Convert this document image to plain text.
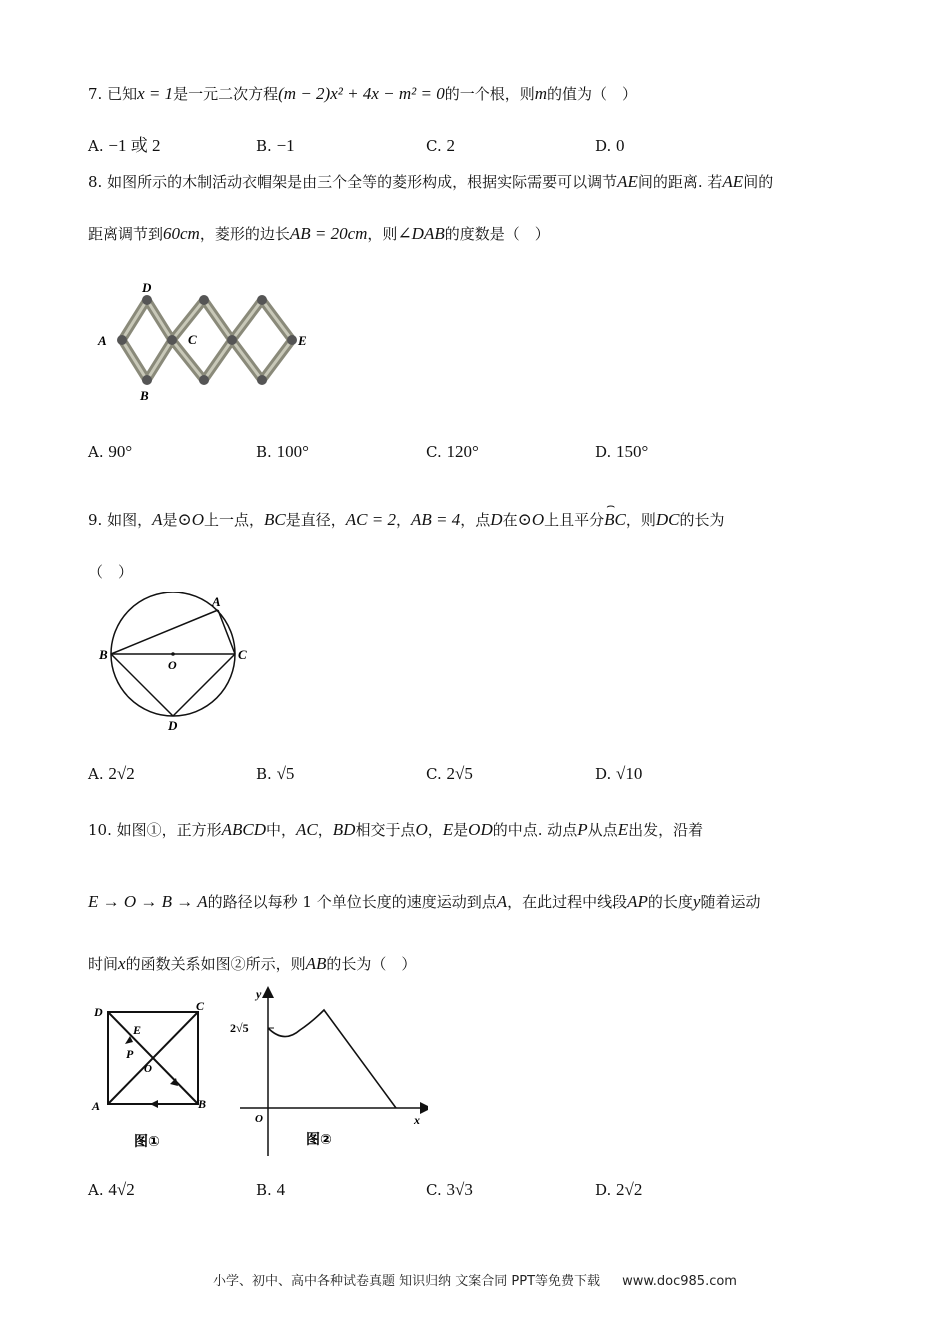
7. 已知x = 1是一元二次方程(m − 2)x² + 4x − m² = 0的一个根，则m的值为（　）
A. −1 或 2	B. −1	C. 2	D. 0
8. 如图所示的木制活动衣帽架是由三个全等的菱形构成，根据实际需要可以调节AE间的距离. 若AE间的
距离调节到60cm，菱形的边长AB = 20cm，则∠DAB的度数是（　）
D
A	C	E
B
A. 90°	B. 100°	C. 120°	D. 150°
9. 如图，A是⊙O上一点，BC是直径，AC = 2，AB = 4，点D在⊙O上且平分
⌢
BC，则DC的长为
（　）
A
B
O
C
D
A. 2√2	B. √5	C. 2√5	D. √10
10. 如图①，正方形ABCD中，AC，BD相交于点O，E是OD的中点. 动点P从点E出发，沿着
E → O → B → A的路径以每秒 1 个单位长度的速度运动到点A，在此过程中线段AP的长度y随着运动
时间x的函数关系如图②所示，则AB的长为（　）
D	C
E
P
O
A	B
图①
y
x
O
2√5
图②
A. 4√2	B. 4	C. 3√3	D. 2√2
小学、初中、高中各种试卷真题 知识归纳 文案合同 PPT等免费下载 www.doc985.com
